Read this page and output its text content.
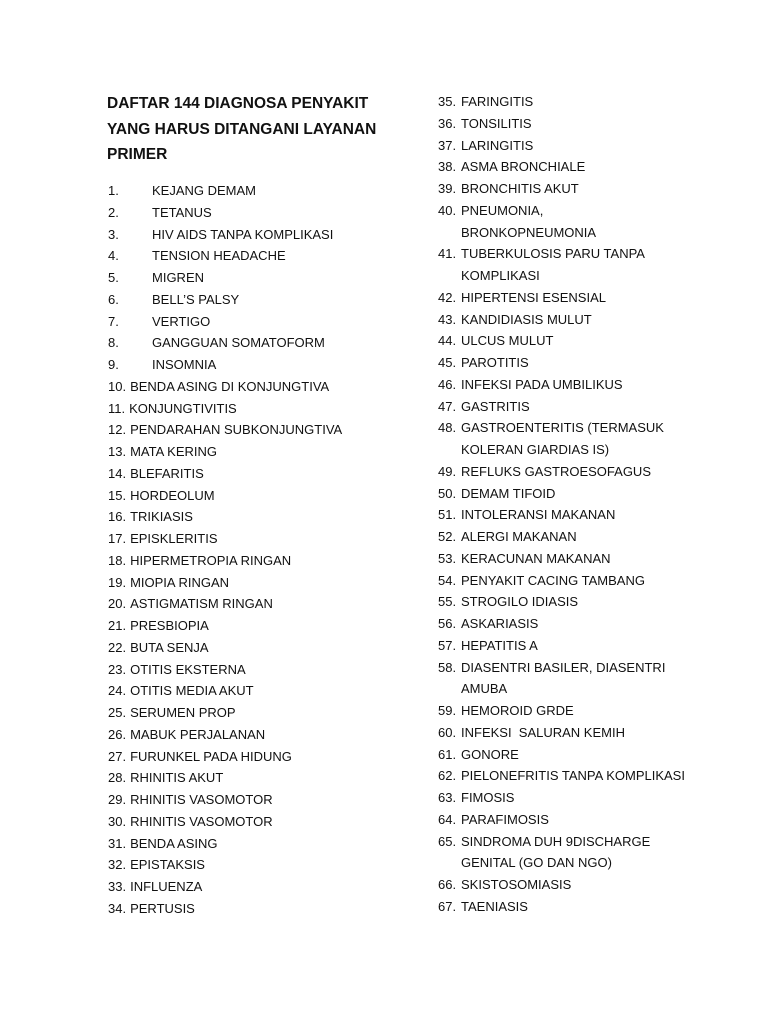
DAFTAR 144 DIAGNOSA PENYAKIT YANG HARUS DITANGANI LAYANAN PRIMER
1.	KEJANG DEMAM
2.	TETANUS
3.	HIV AIDS TANPA KOMPLIKASI
4.	TENSION HEADACHE
5.	MIGREN
6.	BELL’S PALSY
7.	VERTIGO
8.	GANGGUAN SOMATOFORM
9.	INSOMNIA
10. BENDA ASING DI KONJUNGTIVA
11. KONJUNGTIVITIS
12. PENDARAHAN SUBKONJUNGTIVA
13. MATA KERING
14. BLEFARITIS
15. HORDEOLUM
16. TRIKIASIS
17. EPISKLERITIS
18. HIPERMETROPIA RINGAN
19. MIOPIA RINGAN
20. ASTIGMATISM RINGAN
21. PRESBIOPIA
22. BUTA SENJA
23. OTITIS EKSTERNA
24. OTITIS MEDIA AKUT
25. SERUMEN PROP
26. MABUK PERJALANAN
27. FURUNKEL PADA HIDUNG
28. RHINITIS AKUT
29. RHINITIS VASOMOTOR
30. RHINITIS VASOMOTOR
31. BENDA ASING
32. EPISTAKSIS
33. INFLUENZA
34. PERTUSIS
35. FARINGITIS
36. TONSILITIS
37. LARINGITIS
38. ASMA BRONCHIALE
39. BRONCHITIS AKUT
40. PNEUMONIA,
BRONKOPNEUMONIA
41. TUBERKULOSIS PARU TANPA
KOMPLIKASI
42. HIPERTENSI ESENSIAL
43. KANDIDIASIS MULUT
44. ULCUS MULUT
45. PAROTITIS
46. INFEKSI PADA UMBILIKUS
47. GASTRITIS
48. GASTROENTERITIS (TERMASUK
KOLERAN GIARDIAS IS)
49. REFLUKS GASTROESOFAGUS
50. DEMAM TIFOID
51. INTOLERANSI MAKANAN
52. ALERGI MAKANAN
53. KERACUNAN MAKANAN
54. PENYAKIT CACING TAMBANG
55. STROGILO IDIASIS
56. ASKARIASIS
57. HEPATITIS A
58. DIASENTRI BASILER, DIASENTRI
AMUBA
59. HEMOROID GRDE
60. INFEKSI  SALURAN KEMIH
61. GONORE
62. PIELONEFRITIS TANPA KOMPLIKASI
63. FIMOSIS
64. PARAFIMOSIS
65. SINDROMA DUH 9DISCHARGE
GENITAL (GO DAN NGO)
66. SKISTOSOMIASIS
67. TAENIASIS
